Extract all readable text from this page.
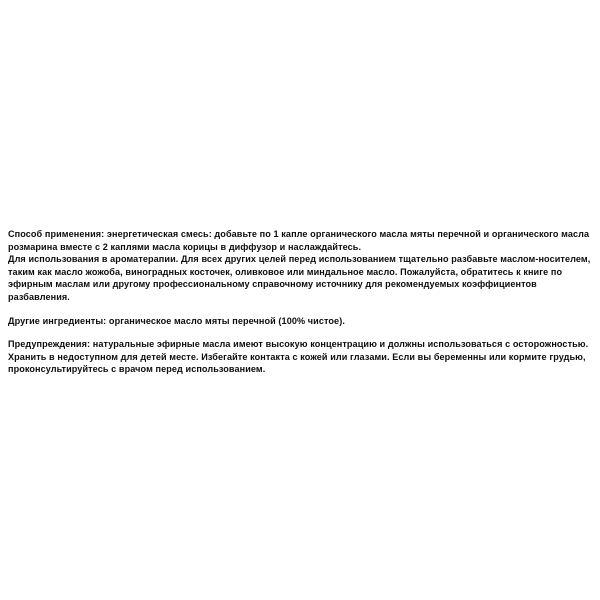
Способ применения: энергетическая смесь: добавьте по 1 капле органического масла мяты перечной и органического масла розмарина вместе с 2 каплями масла корицы в диффузор и наслаждайтесь.

Для использования в ароматерапии. Для всех других целей перед использованием тщательно разбавьте маслом-носителем, таким как масло жожоба, виноградных косточек, оливковое или миндальное масло. Пожалуйста, обратитесь к книге по эфирным маслам или другому профессиональному справочному источнику для рекомендуемых коэффициентов разбавления.

Другие ингредиенты: органическое масло мяты перечной (100% чистое).

Предупреждения: натуральные эфирные масла имеют высокую концентрацию и должны использоваться с осторожностью. Хранить в недоступном для детей месте. Избегайте контакта с кожей или глазами. Если вы беременны или кормите грудью, проконсультируйтесь с врачом перед использованием.
